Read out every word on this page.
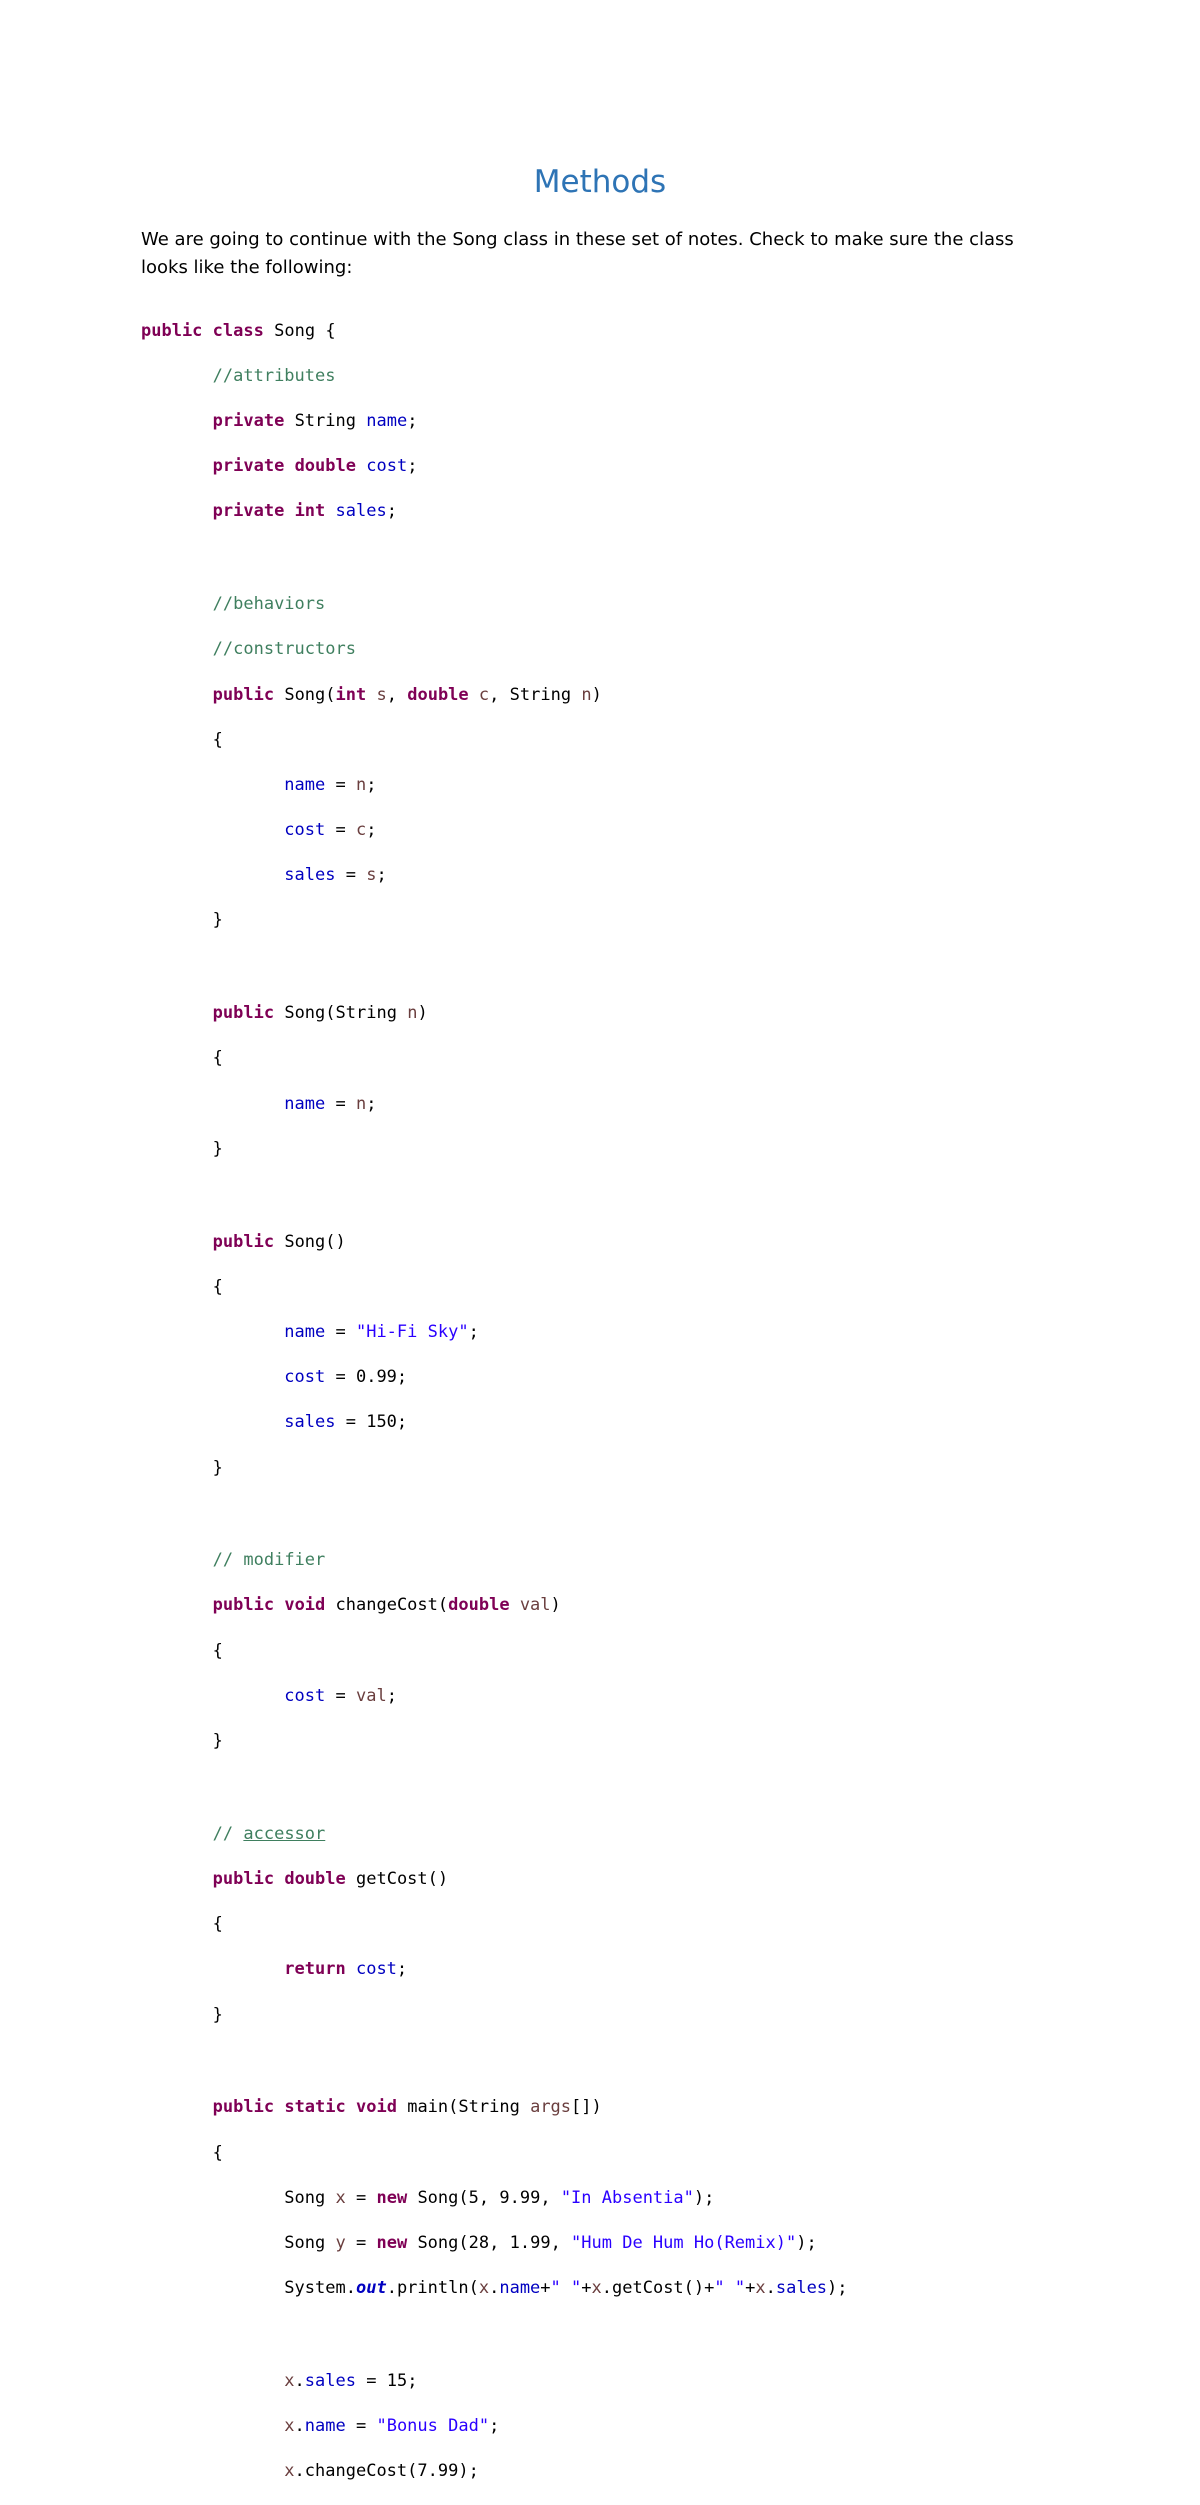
Methods

We are going to continue with the Song class in these set of notes. Check to make sure the class looks like the following:

public class Song {

//attributes

private String name;

private double cost;

private int sales;

//behaviors

//constructors

public Song(int s, double c, String n)

{

name = n;

cost = c;

sales = s;

}

public Song(String n)

{

name = n;

}

public Song()

{

name = "Hi-Fi Sky";

cost = 0.99;

sales = 150;

}

// modifier

public void changeCost(double val)

{

cost = val;

}

// accessor

public double getCost()

{

return cost;

}

public static void main(String args[])

{

Song x = new Song(5, 9.99, "In Absentia");

Song y = new Song(28, 1.99, "Hum De Hum Ho(Remix)");

System.out.println(x.name+" "+x.getCost()+" "+x.sales);

x.sales = 15;

x.name = "Bonus Dad";

x.changeCost(7.99);
